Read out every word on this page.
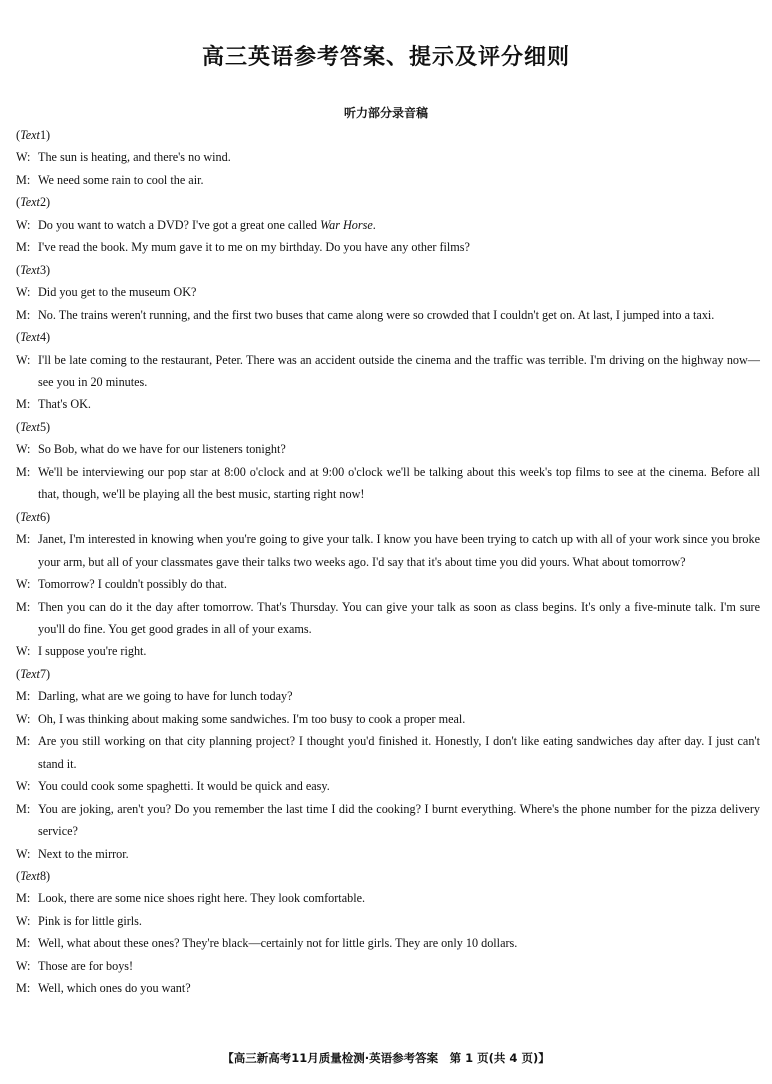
高三英语参考答案、提示及评分细则
听力部分录音稿
( Text 1)
W: The sun is heating, and there's no wind.
M: We need some rain to cool the air.
( Text 2)
W: Do you want to watch a DVD? I've got a great one called War Horse.
M: I've read the book. My mum gave it to me on my birthday. Do you have any other films?
( Text 3)
W: Did you get to the museum OK?
M: No. The trains weren't running, and the first two buses that came along were so crowded that I couldn't get on. At last, I jumped into a taxi.
( Text 4)
W: I'll be late coming to the restaurant, Peter. There was an accident outside the cinema and the traffic was terrible. I'm driving on the highway now—see you in 20 minutes.
M: That's OK.
( Text 5)
W: So Bob, what do we have for our listeners tonight?
M: We'll be interviewing our pop star at 8:00 o'clock and at 9:00 o'clock we'll be talking about this week's top films to see at the cinema. Before all that, though, we'll be playing all the best music, starting right now!
( Text 6)
M: Janet, I'm interested in knowing when you're going to give your talk. I know you have been trying to catch up with all of your work since you broke your arm, but all of your classmates gave their talks two weeks ago. I'd say that it's about time you did yours. What about tomorrow?
W: Tomorrow? I couldn't possibly do that.
M: Then you can do it the day after tomorrow. That's Thursday. You can give your talk as soon as class begins. It's only a five-minute talk. I'm sure you'll do fine. You get good grades in all of your exams.
W: I suppose you're right.
( Text 7)
M: Darling, what are we going to have for lunch today?
W: Oh, I was thinking about making some sandwiches. I'm too busy to cook a proper meal.
M: Are you still working on that city planning project? I thought you'd finished it. Honestly, I don't like eating sandwiches day after day. I just can't stand it.
W: You could cook some spaghetti. It would be quick and easy.
M: You are joking, aren't you? Do you remember the last time I did the cooking? I burnt everything. Where's the phone number for the pizza delivery service?
W: Next to the mirror.
( Text 8)
M: Look, there are some nice shoes right here. They look comfortable.
W: Pink is for little girls.
M: Well, what about these ones? They're black—certainly not for little girls. They are only 10 dollars.
W: Those are for boys!
M: Well, which ones do you want?
【高三新高考11月质量检测·英语参考答案　第 1 页(共 4 页)】
